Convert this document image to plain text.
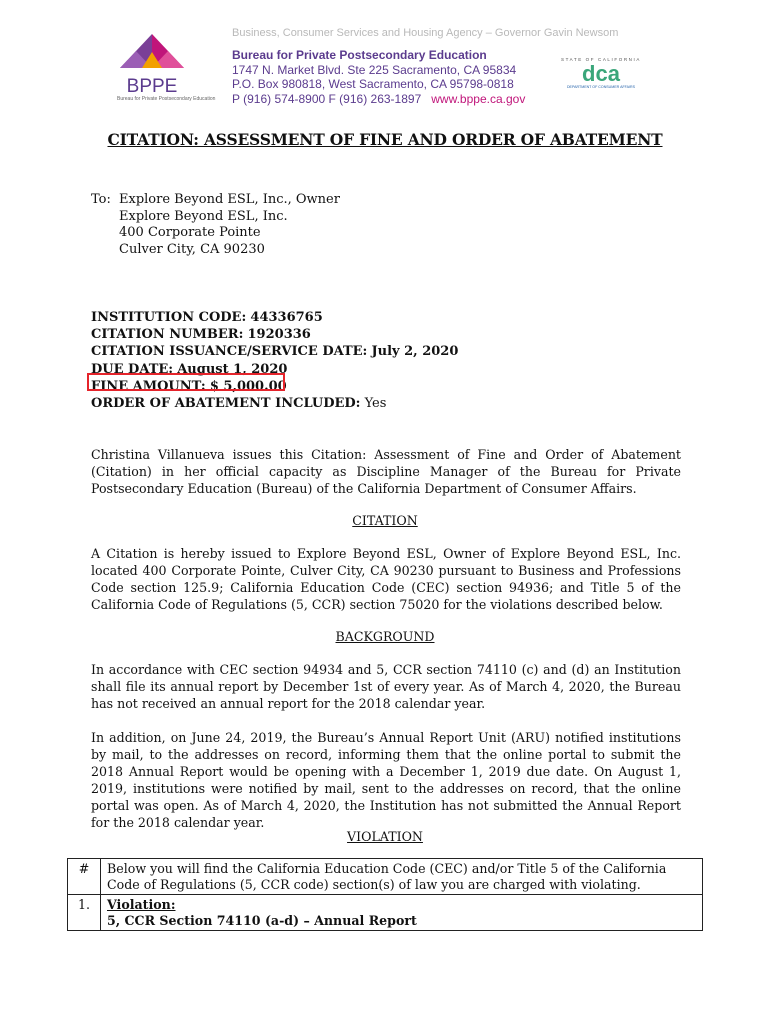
Business, Consumer Services and Housing Agency – Governor Gavin Newsom
BPPE
Bureau for Private Postsecondary Education
Bureau for Private Postsecondary Education
1747 N. Market Blvd. Ste 225 Sacramento, CA 95834
P.O. Box 980818, West Sacramento, CA 95798-0818
P (916) 574-8900 F (916) 263-1897 www.bppe.ca.gov
STATE OF CALIFORNIA
dca
DEPARTMENT OF CONSUMER AFFAIRS
CITATION: ASSESSMENT OF FINE AND ORDER OF ABATEMENT
To: Explore Beyond ESL, Inc., Owner
Explore Beyond ESL, Inc.
400 Corporate Pointe
Culver City, CA 90230
INSTITUTION CODE: 44336765
CITATION NUMBER: 1920336
CITATION ISSUANCE/SERVICE DATE: July 2, 2020
DUE DATE: August 1, 2020
FINE AMOUNT: $ 5,000.00
ORDER OF ABATEMENT INCLUDED: Yes
Christina Villanueva issues this Citation: Assessment of Fine and Order of Abatement (Citation) in her official capacity as Discipline Manager of the Bureau for Private Postsecondary Education (Bureau) of the California Department of Consumer Affairs.
CITATION
A Citation is hereby issued to Explore Beyond ESL, Owner of Explore Beyond ESL, Inc. located 400 Corporate Pointe, Culver City, CA 90230 pursuant to Business and Professions Code section 125.9; California Education Code (CEC) section 94936; and Title 5 of the California Code of Regulations (5, CCR) section 75020 for the violations described below.
BACKGROUND
In accordance with CEC section 94934 and 5, CCR section 74110 (c) and (d) an Institution shall file its annual report by December 1st of every year. As of March 4, 2020, the Bureau has not received an annual report for the 2018 calendar year.
In addition, on June 24, 2019, the Bureau’s Annual Report Unit (ARU) notified institutions by mail, to the addresses on record, informing them that the online portal to submit the 2018 Annual Report would be opening with a December 1, 2019 due date. On August 1, 2019, institutions were notified by mail, sent to the addresses on record, that the online portal was open. As of March 4, 2020, the Institution has not submitted the Annual Report for the 2018 calendar year.
VIOLATION
#	Below you will find the California Education Code (CEC) and/or Title 5 of the California Code of Regulations (5, CCR code) section(s) of law you are charged with violating.
1.	Violation:
5, CCR Section 74110 (a-d) – Annual Report
